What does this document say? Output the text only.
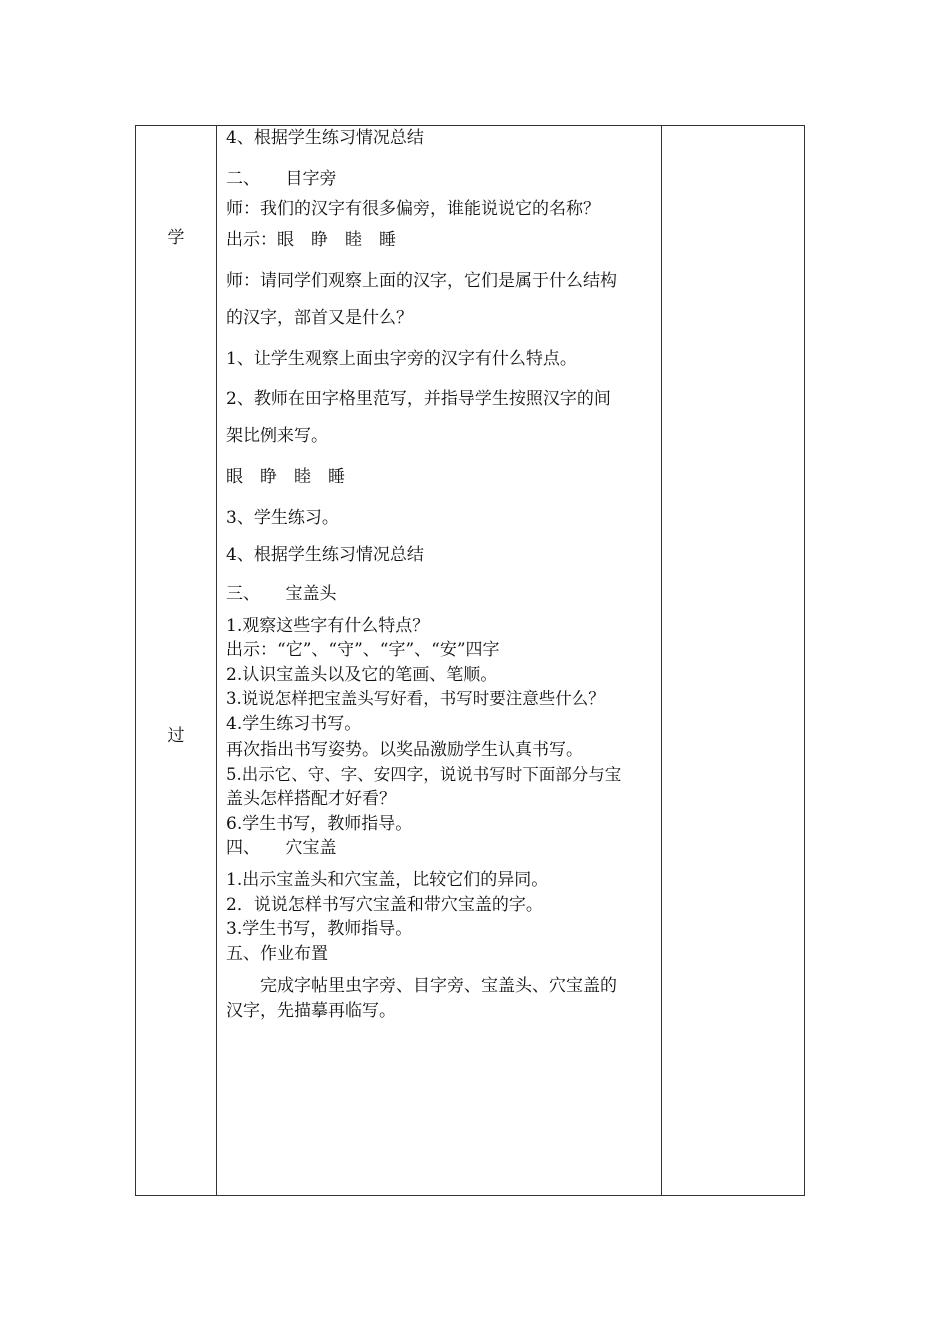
学
过
4、根据学生练习情况总结
二、　　目字旁
师：我们的汉字有很多偏旁，谁能说说它的名称？
出示：眼　睁　睦　睡
师：请同学们观察上面的汉字，它们是属于什么结构
的汉字，部首又是什么？
1、让学生观察上面虫字旁的汉字有什么特点。
2、教师在田字格里范写，并指导学生按照汉字的间
架比例来写。
眼　睁　睦　睡
3、学生练习。
4、根据学生练习情况总结
三、　　宝盖头
1.观察这些字有什么特点？
出示：“它”、“守”、“字”、“安”四字
2.认识宝盖头以及它的笔画、笔顺。
3.说说怎样把宝盖头写好看，书写时要注意些什么？
4.学生练习书写。
再次指出书写姿势。以奖品激励学生认真书写。
5.出示它、守、字、安四字，说说书写时下面部分与宝
盖头怎样搭配才好看？
6.学生书写，教师指导。
四、　　穴宝盖
1.出示宝盖头和穴宝盖，比较它们的异同。
2．说说怎样书写穴宝盖和带穴宝盖的字。
3.学生书写，教师指导。
五、作业布置
　　完成字帖里虫字旁、目字旁、宝盖头、穴宝盖的
汉字，先描摹再临写。
